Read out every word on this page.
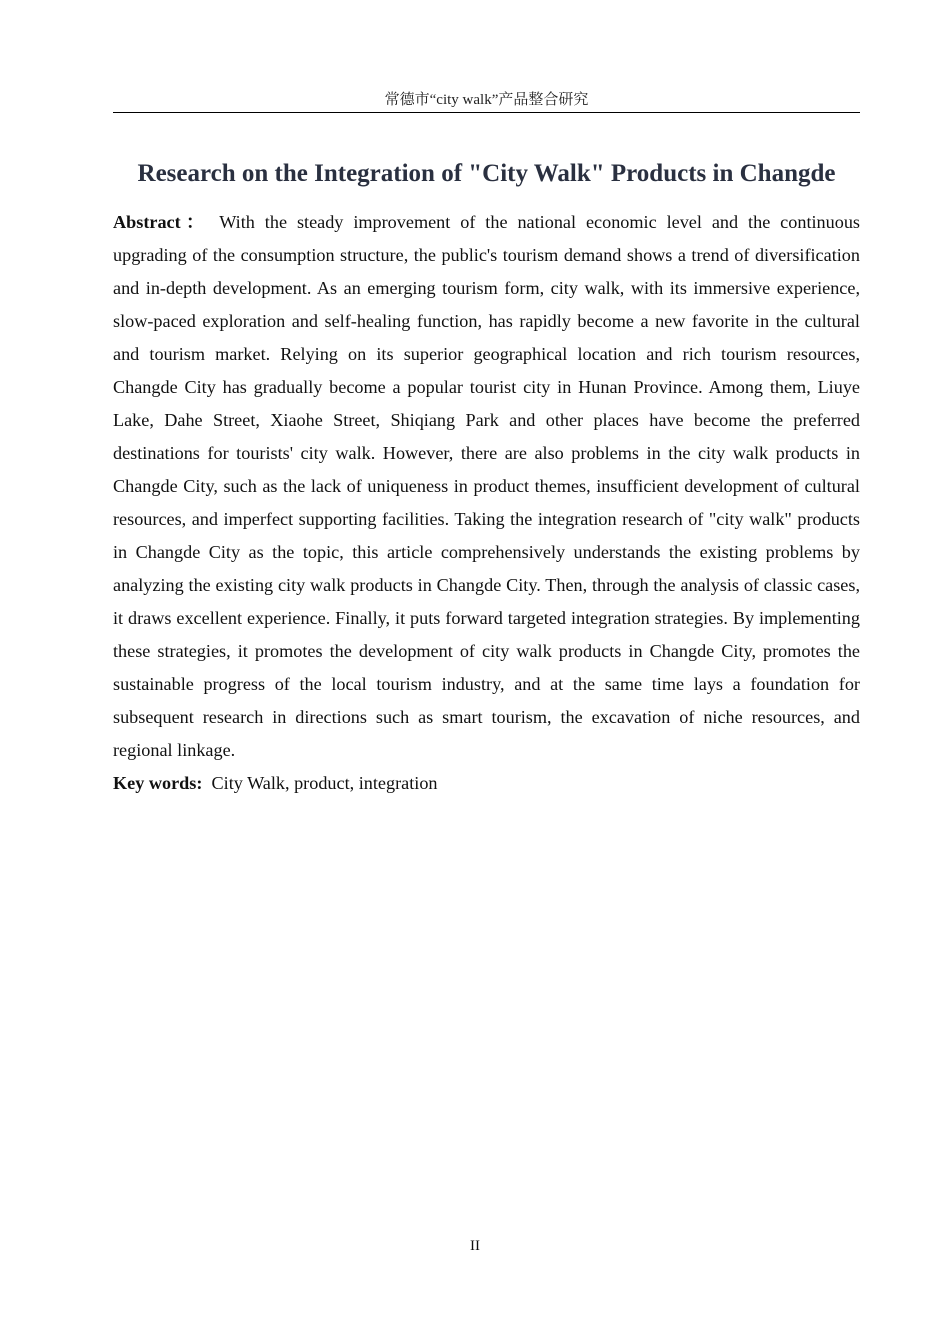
常德市“city walk”产品整合研究
Research on the Integration of "City Walk" Products in Changde

Abstract： With the steady improvement of the national economic level and the continuous upgrading of the consumption structure, the public's tourism demand shows a trend of diversification and in-depth development. As an emerging tourism form, city walk, with its immersive experience, slow-paced exploration and self-healing function, has rapidly become a new favorite in the cultural and tourism market. Relying on its superior geographical location and rich tourism resources, Changde City has gradually become a popular tourist city in Hunan Province. Among them, Liuye Lake, Dahe Street, Xiaohe Street, Shiqiang Park and other places have become the preferred destinations for tourists' city walk. However, there are also problems in the city walk products in Changde City, such as the lack of uniqueness in product themes, insufficient development of cultural resources, and imperfect supporting facilities. Taking the integration research of "city walk" products in Changde City as the topic, this article comprehensively understands the existing problems by analyzing the existing city walk products in Changde City. Then, through the analysis of classic cases, it draws excellent experience. Finally, it puts forward targeted integration strategies. By implementing these strategies, it promotes the development of city walk products in Changde City, promotes the sustainable progress of the local tourism industry, and at the same time lays a foundation for subsequent research in directions such as smart tourism, the excavation of niche resources, and regional linkage.

Key words: City Walk, product, integration

II
